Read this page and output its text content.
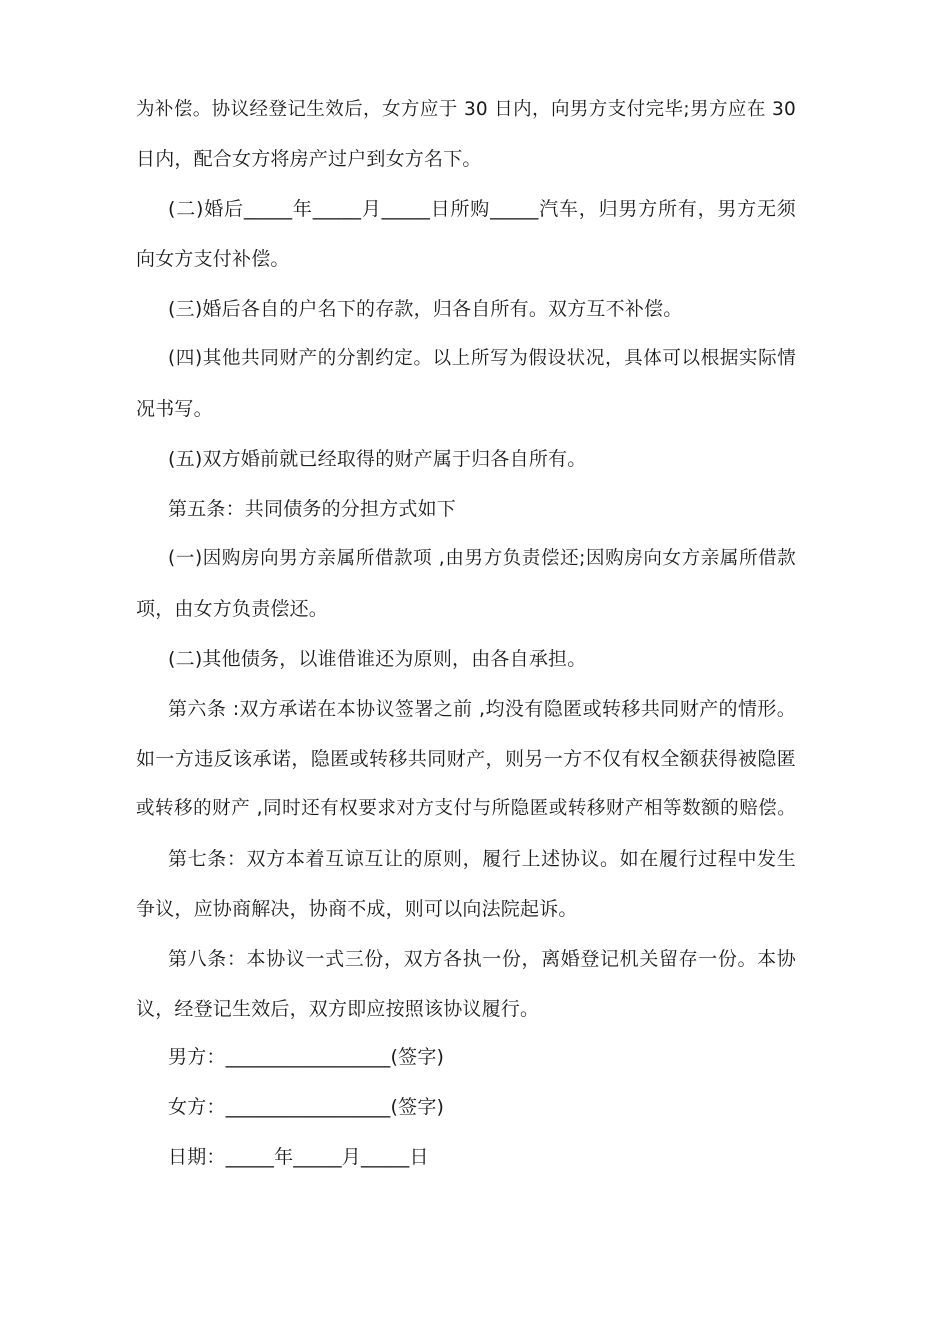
为补偿。协议经登记生效后，女方应于 30 日内，向男方支付完毕;男方应在 30
日内，配合女方将房产过户到女方名下。
(二)婚后_____年_____月_____日所购_____汽车，归男方所有，男方无须
向女方支付补偿。
(三)婚后各自的户名下的存款，归各自所有。双方互不补偿。
(四)其他共同财产的分割约定。以上所写为假设状况，具体可以根据实际情
况书写。
(五)双方婚前就已经取得的财产属于归各自所有。
第五条：共同债务的分担方式如下
(一)因购房向男方亲属所借款项 ,由男方负责偿还;因购房向女方亲属所借款
项，由女方负责偿还。
(二)其他债务，以谁借谁还为原则，由各自承担。
第六条 :双方承诺在本协议签署之前 ,均没有隐匿或转移共同财产的情形。
如一方违反该承诺，隐匿或转移共同财产，则另一方不仅有权全额获得被隐匿
或转移的财产 ,同时还有权要求对方支付与所隐匿或转移财产相等数额的赔偿。
第七条：双方本着互谅互让的原则，履行上述协议。如在履行过程中发生
争议，应协商解决，协商不成，则可以向法院起诉。
第八条：本协议一式三份，双方各执一份，离婚登记机关留存一份。本协
议，经登记生效后，双方即应按照该协议履行。
男方：_________________(签字)
女方：_________________(签字)
日期：_____年_____月_____日
